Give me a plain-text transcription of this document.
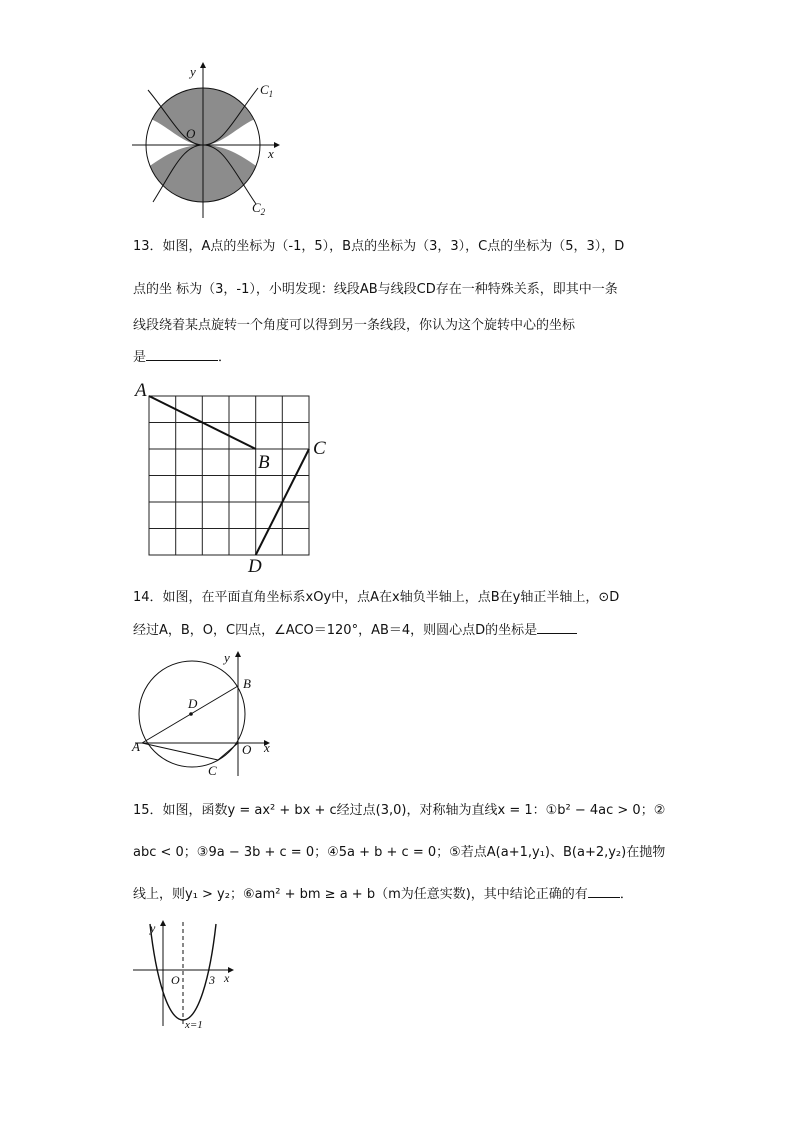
y
x
O
$C_1$
$C_2$
13．如图，A点的坐标为（-1，5），B点的坐标为（3，3），C点的坐标为（5，3），D
点的坐 标为（3，-1），小明发现：线段AB与线段CD存在一种特殊关系，即其中一条
线段绕着某点旋转一个角度可以得到另一条线段，你认为这个旋转中心的坐标
是	．
A
B
C
D
14．如图，在平面直角坐标系xOy中，点A在x轴负半轴上，点B在y轴正半轴上，⊙D
经过A，B，O，C四点，∠ACO＝120°，AB＝4，则圆心点D的坐标是
y
x
A
B
C
D
O
15．如图，函数y = ax² + bx + c经过点(3,0)，对称轴为直线x = 1：①b² − 4ac > 0；②
abc < 0；③9a − 3b + c = 0；④5a + b + c = 0；⑤若点A(a+1,y₁)、B(a+2,y₂)在抛物
线上，则y₁ > y₂；⑥am² + bm ≥ a + b（m为任意实数)，其中结论正确的有 ．
y
x
O 3
x=1
